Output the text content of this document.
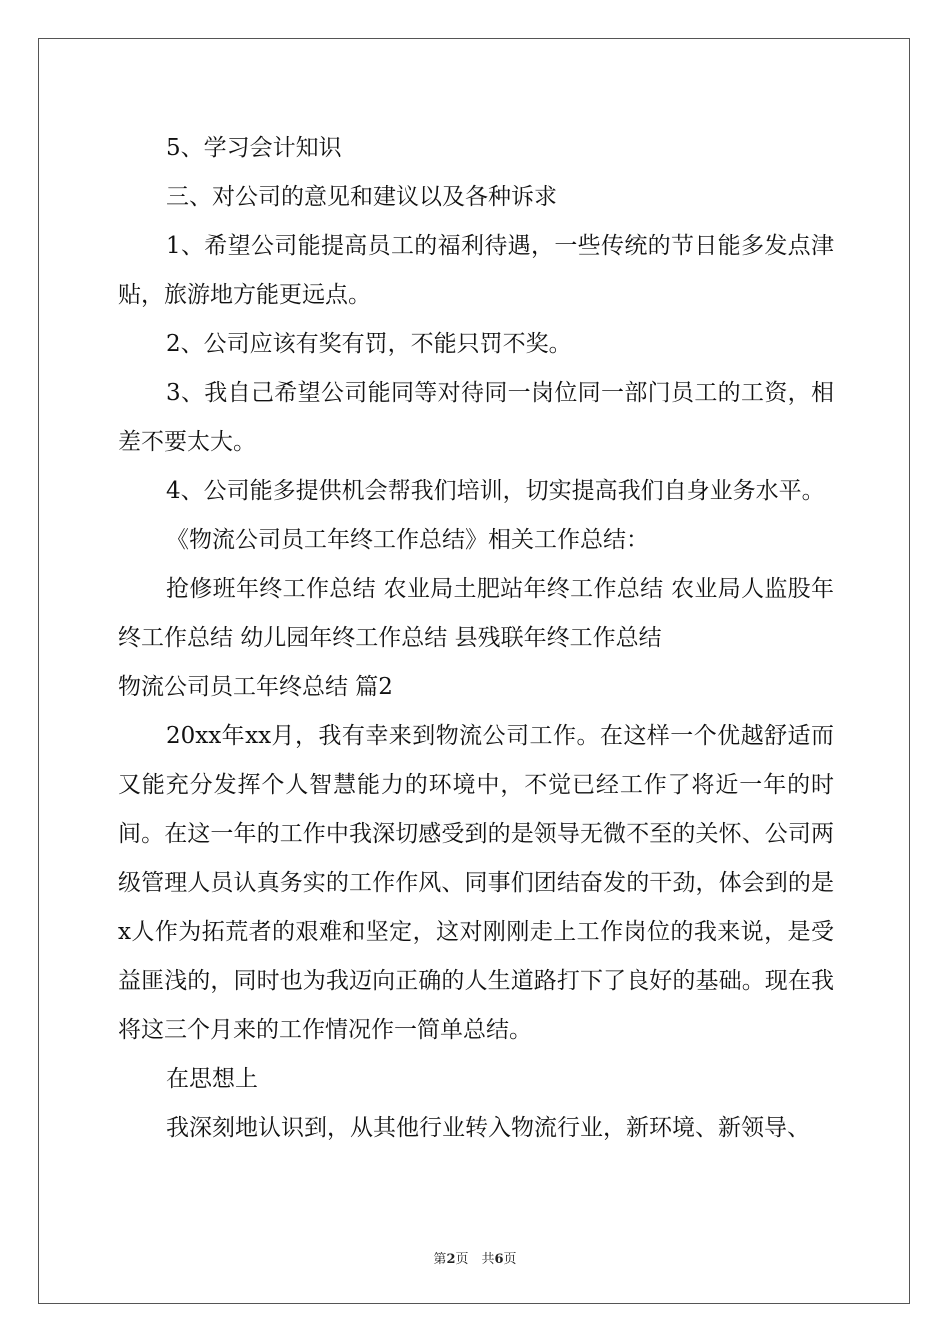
5、学习会计知识

三、对公司的意见和建议以及各种诉求

1、希望公司能提高员工的福利待遇，一些传统的节日能多发点津贴，旅游地方能更远点。

2、公司应该有奖有罚，不能只罚不奖。

3、我自己希望公司能同等对待同一岗位同一部门员工的工资，相差不要太大。

4、公司能多提供机会帮我们培训，切实提高我们自身业务水平。

《物流公司员工年终工作总结》相关工作总结：

抢修班年终工作总结 农业局土肥站年终工作总结 农业局人监股年终工作总结 幼儿园年终工作总结 县残联年终工作总结

物流公司员工年终总结 篇2

20xx年xx月，我有幸来到物流公司工作。在这样一个优越舒适而又能充分发挥个人智慧能力的环境中，不觉已经工作了将近一年的时间。在这一年的工作中我深切感受到的是领导无微不至的关怀、公司两级管理人员认真务实的工作作风、同事们团结奋发的干劲，体会到的是x人作为拓荒者的艰难和坚定，这对刚刚走上工作岗位的我来说，是受益匪浅的，同时也为我迈向正确的人生道路打下了良好的基础。现在我将这三个月来的工作情况作一简单总结。

在思想上

我深刻地认识到，从其他行业转入物流行业，新环境、新领导、

第2页　共6页
